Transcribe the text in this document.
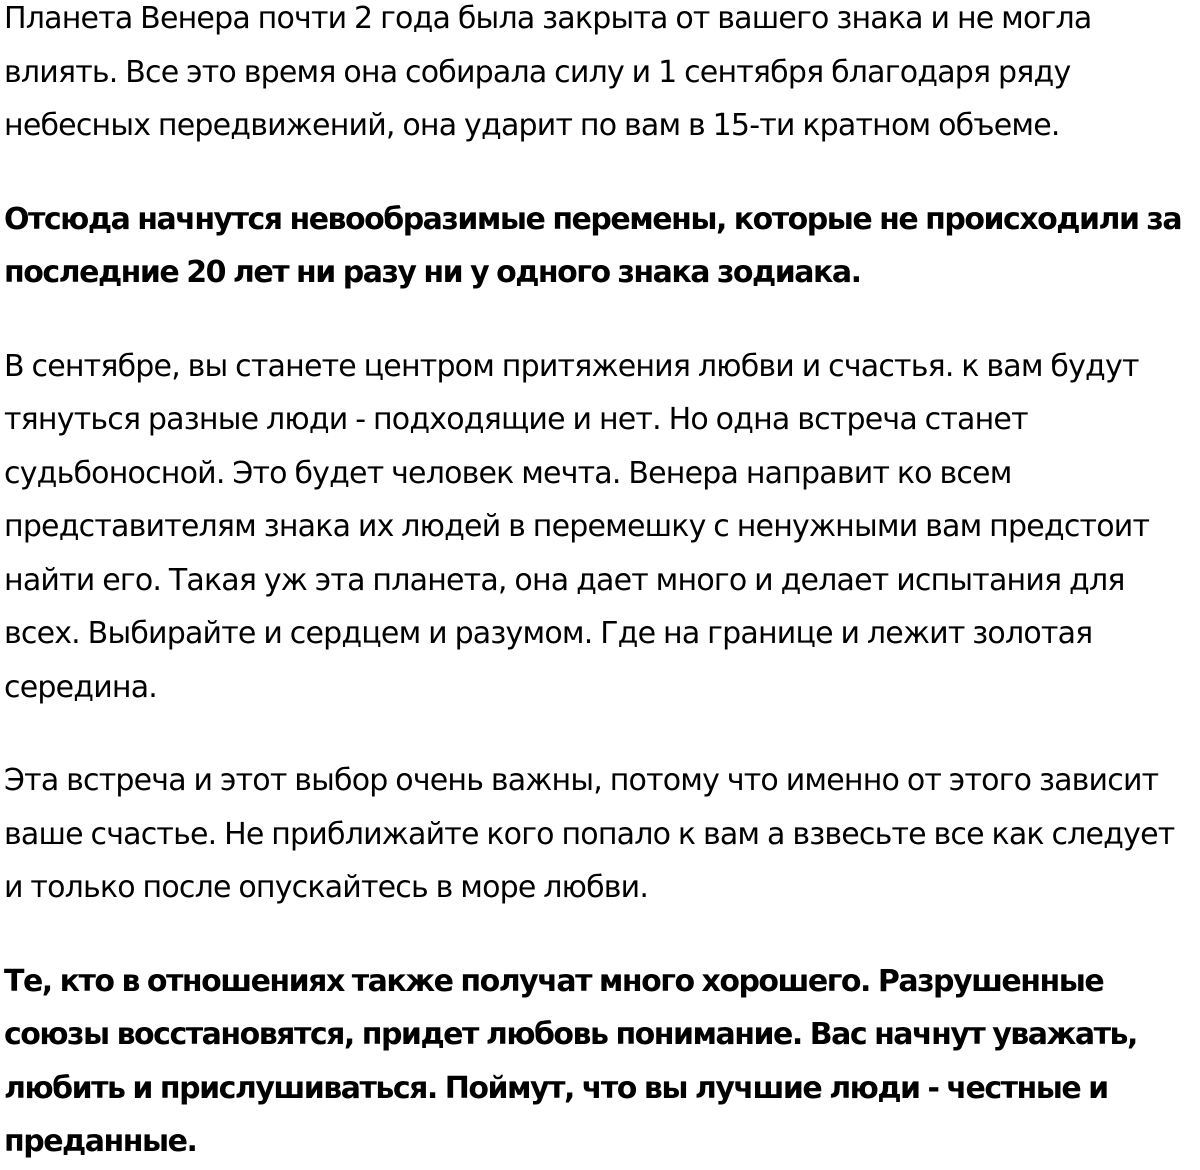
Планета Венера почти 2 года была закрыта от вашего знака и не могла влиять. Все это время она собирала силу и 1 сентября благодаря ряду небесных передвижений, она ударит по вам в 15-ти кратном объеме.

Отсюда начнутся невообразимые перемены, которые не происходили за последние 20 лет ни разу ни у одного знака зодиака.

В сентябре, вы станете центром притяжения любви и счастья. к вам будут тянуться разные люди - подходящие и нет. Но одна встреча станет судьбоносной. Это будет человек мечта. Венера направит ко всем представителям знака их людей в перемешку с ненужными вам предстоит найти его. Такая уж эта планета, она дает много и делает испытания для всех. Выбирайте и сердцем и разумом. Где на границе и лежит золотая середина.

Эта встреча и этот выбор очень важны, потому что именно от этого зависит ваше счастье. Не приближайте кого попало к вам а взвесьте все как следует и только после опускайтесь в море любви.

Те, кто в отношениях также получат много хорошего. Разрушенные союзы восстановятся, придет любовь понимание. Вас начнут уважать, любить и прислушиваться. Поймут, что вы лучшие люди - честные и преданные.
